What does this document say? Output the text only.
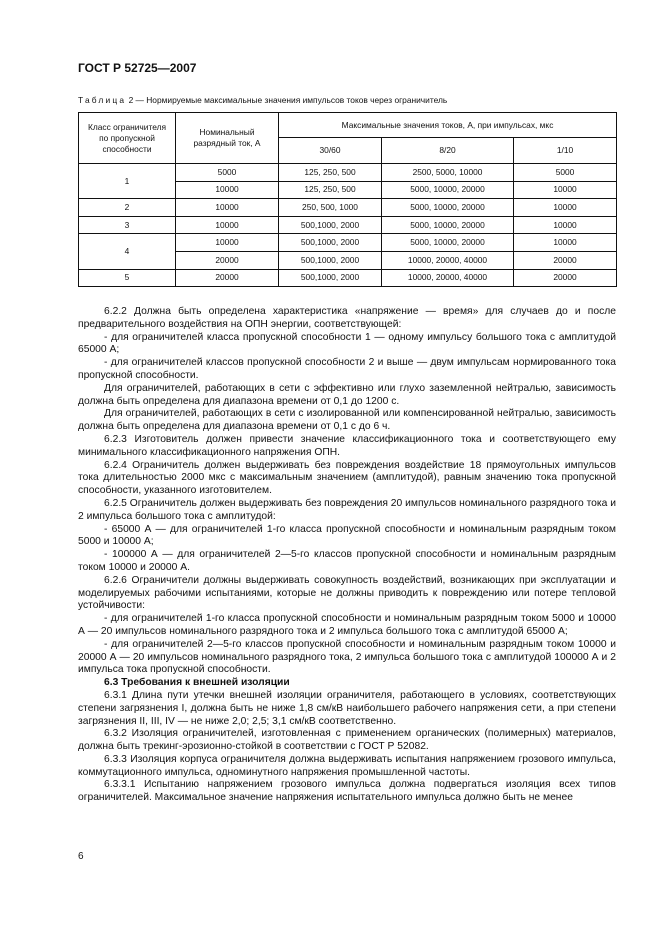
ГОСТ Р 52725—2007
Таблица 2 — Нормируемые максимальные значения импульсов токов через ограничитель
Класс ограничителя по пропускной способности	Номинальный разрядный ток, А	Максимальные значения токов, А, при импульсах, мкс		
		30/60	8/20	1/10
1	5000	125, 250, 500	2500, 5000, 10000	5000
	10000	125, 250, 500	5000, 10000, 20000	10000
2	10000	250, 500, 1000	5000, 10000, 20000	10000
3	10000	500,1000, 2000	5000, 10000, 20000	10000
4	10000	500,1000, 2000	5000, 10000, 20000	10000
	20000	500,1000, 2000	10000, 20000, 40000	20000
5	20000	500,1000, 2000	10000, 20000, 40000	20000

6.2.2 Должна быть определена характеристика «напряжение — время» для случаев до и после предварительного воздействия на ОПН энергии, соответствующей:

- для ограничителей класса пропускной способности 1 — одному импульсу большого тока с амплитудой 65000 А;

- для ограничителей классов пропускной способности 2 и выше — двум импульсам нормированного тока пропускной способности.

Для ограничителей, работающих в сети с эффективно или глухо заземленной нейтралью, зависимость должна быть определена для диапазона времени от 0,1 до 1200 с.

Для ограничителей, работающих в сети с изолированной или компенсированной нейтралью, зависимость должна быть определена для диапазона времени от 0,1 с до 6 ч.

6.2.3 Изготовитель должен привести значение классификационного тока и соответствующего ему минимального классификационного напряжения ОПН.

6.2.4 Ограничитель должен выдерживать без повреждения воздействие 18 прямоугольных импульсов тока длительностью 2000 мкс с максимальным значением (амплитудой), равным значению тока пропускной способности, указанного изготовителем.

6.2.5 Ограничитель должен выдерживать без повреждения 20 импульсов номинального разрядного тока и 2 импульса большого тока с амплитудой:

- 65000 А — для ограничителей 1-го класса пропускной способности и номинальным разрядным током 5000 и 10000 А;

- 100000 А — для ограничителей 2—5-го классов пропускной способности и номинальным разрядным током 10000 и 20000 А.

6.2.6 Ограничители должны выдерживать совокупность воздействий, возникающих при эксплуатации и моделируемых рабочими испытаниями, которые не должны приводить к повреждению или потере тепловой устойчивости:

- для ограничителей 1-го класса пропускной способности и номинальным разрядным током 5000 и 10000 А — 20 импульсов номинального разрядного тока и 2 импульса большого тока с амплитудой 65000 А;

- для ограничителей 2—5-го классов пропускной способности и номинальным разрядным током 10000 и 20000 А — 20 импульсов номинального разрядного тока, 2 импульса большого тока с амплитудой 100000 А и 2 импульса тока пропускной способности.

6.3 Требования к внешней изоляции

6.3.1 Длина пути утечки внешней изоляции ограничителя, работающего в условиях, соответствующих степени загрязнения I, должна быть не ниже 1,8 см/кВ наибольшего рабочего напряжения сети, а при степени загрязнения II, III, IV — не ниже 2,0; 2,5; 3,1 см/кВ соответственно.

6.3.2 Изоляция ограничителей, изготовленная с применением органических (полимерных) материалов, должна быть трекинг-эрозионно-стойкой в соответствии с ГОСТ Р 52082.

6.3.3 Изоляция корпуса ограничителя должна выдерживать испытания напряжением грозового импульса, коммутационного импульса, одноминутного напряжения промышленной частоты.

6.3.3.1 Испытанию напряжением грозового импульса должна подвергаться изоляция всех типов ограничителей. Максимальное значение напряжения испытательного импульса должно быть не менее

6
